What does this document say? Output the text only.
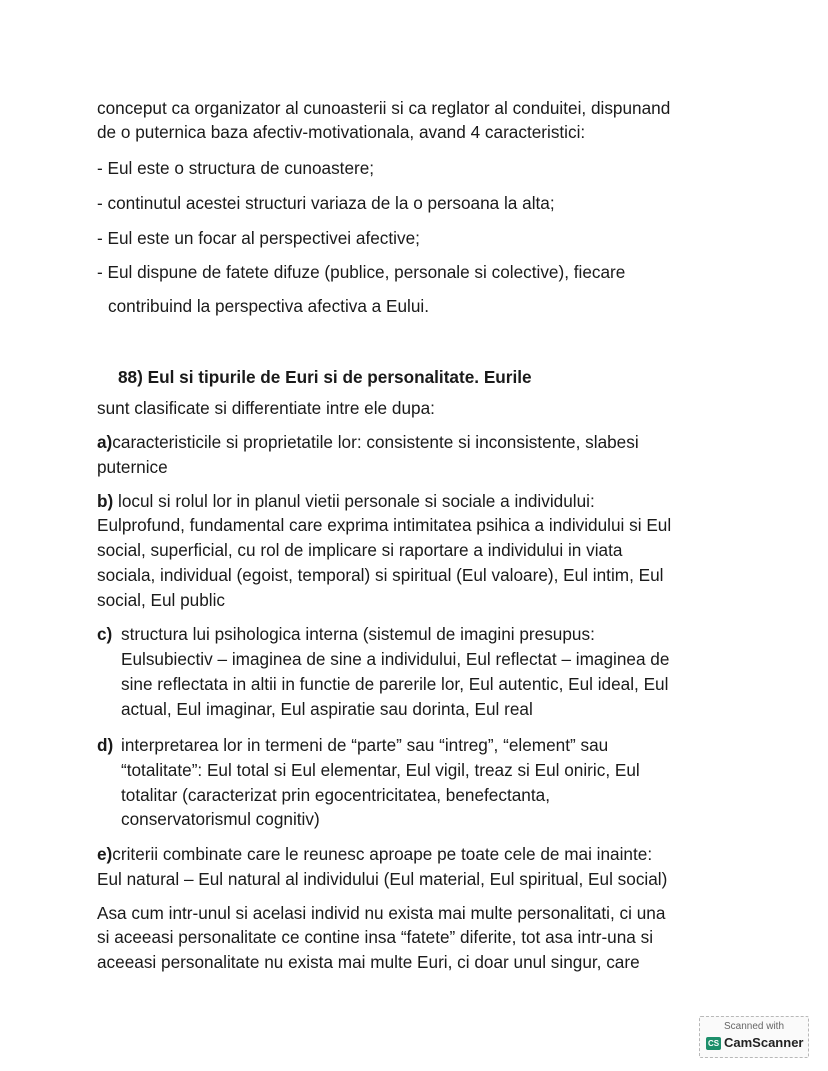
conceput ca organizator al cunoasterii si ca reglator al conduitei, dispunand
de o puternica baza afectiv-motivationala, avand 4 caracteristici:
- Eul este o structura de cunoastere;
- continutul acestei structuri variaza de la o persoana la alta;
- Eul este un focar al perspectivei afective;
- Eul dispune de fatete difuze (publice, personale si colective), fiecare
contribuind la perspectiva afectiva a Eului.
88) Eul si tipurile de Euri si de personalitate. Eurile
sunt clasificate si differentiate intre ele dupa:
a)caracteristicile si proprietatile lor: consistente si inconsistente, slabesi
puternice
b) locul si rolul lor in planul vietii personale si sociale a individului:
Eulprofund, fundamental care exprima intimitatea psihica a individului si Eul
social, superficial, cu rol de implicare si raportare a individului in viata
sociala, individual (egoist, temporal) si spiritual (Eul valoare), Eul intim, Eul
social, Eul public
c) structura lui psihologica interna (sistemul de imagini presupus:
Eulsubiectiv – imaginea de sine a individului, Eul reflectat – imaginea de
sine reflectata in altii in functie de parerile lor, Eul autentic, Eul ideal, Eul
actual, Eul imaginar, Eul aspiratie sau dorinta, Eul real
d) interpretarea lor in termeni de “parte” sau “intreg”, “element” sau
“totalitate”: Eul total si Eul elementar, Eul vigil, treaz si Eul oniric, Eul
totalitar (caracterizat prin egocentricitatea, benefectanta,
conservatorismul cognitiv)
e)criterii combinate care le reunesc aproape pe toate cele de mai inainte:
Eul natural – Eul natural al individului (Eul material, Eul spiritual, Eul social)
Asa cum intr-unul si acelasi individ nu exista mai multe personalitati, ci una
si aceeasi personalitate ce contine insa “fatete” diferite, tot asa intr-una si
aceeasi personalitate nu exista mai multe Euri, ci doar unul singur, care
Scanned with
CS CamScanner
